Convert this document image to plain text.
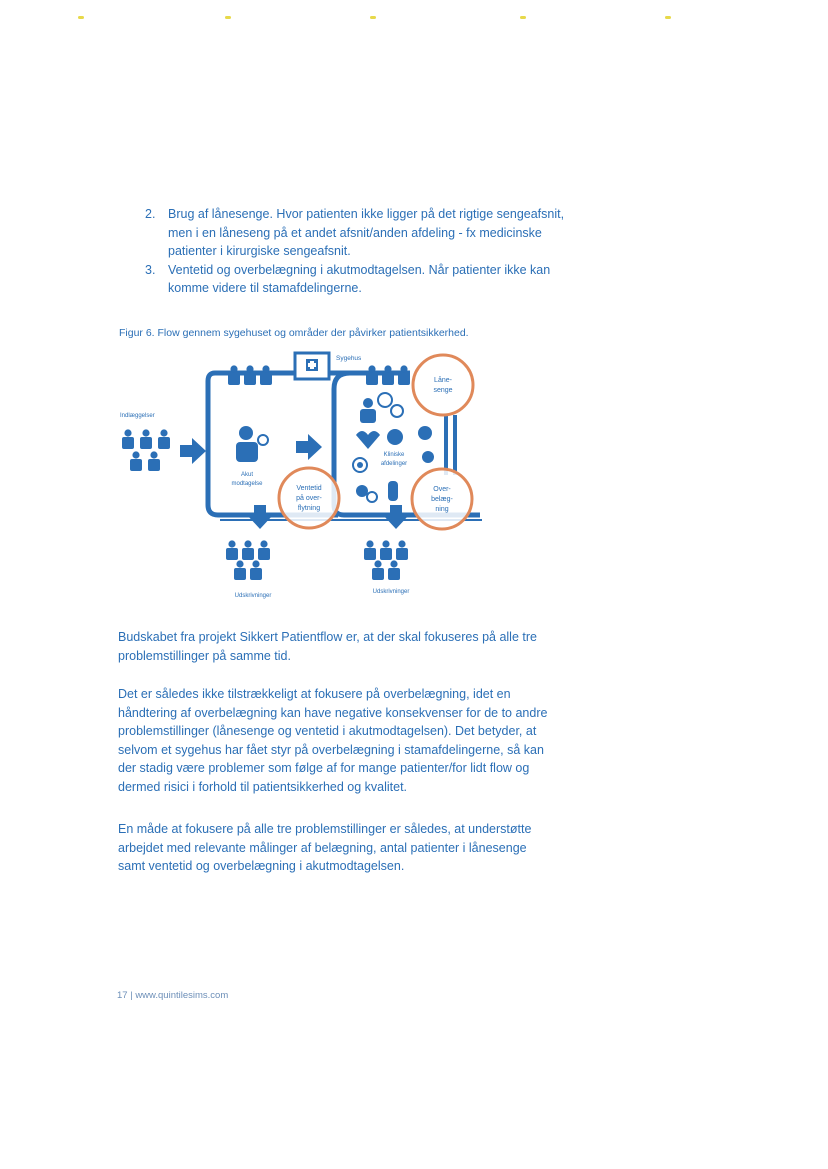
2. Brug af lånesenge. Hvor patienten ikke ligger på det rigtige sengeafsnit, men i en låneseng på et andet afsnit/anden afdeling - fx medicinske patienter i kirurgiske sengeafsnit.
3. Ventetid og overbelægning i akutmodtagelsen. Når patienter ikke kan komme videre til stamafdelingerne.
Figur 6. Flow gennem sygehuset og områder der påvirker patientsikkerhed.
Sygehus
Indlæggelser
Akut
modtagelse
Kliniske
afdelinger
Udskrivninger
Udskrivninger
Låne-
senge
Ventetid
på over-
flytning
Over-
belæg-
ning

Budskabet fra projekt Sikkert Patientflow er, at der skal fokuseres på alle tre problemstillinger på samme tid.

Det er således ikke tilstrækkeligt at fokusere på overbelægning, idet en håndtering af overbelægning kan have negative konsekvenser for de to andre problemstillinger (lånesenge og ventetid i akutmodtagelsen). Det betyder, at selvom et sygehus har fået styr på overbelægning i stamafdelingerne, så kan der stadig være problemer som følge af for mange patienter/for lidt flow og dermed risici i forhold til patientsikkerhed og kvalitet.

En måde at fokusere på alle tre problemstillinger er således, at understøtte arbejdet med relevante målinger af belægning, antal patienter i lånesenge samt ventetid og overbelægning i akutmodtagelsen.

17 | www.quintilesims.com
